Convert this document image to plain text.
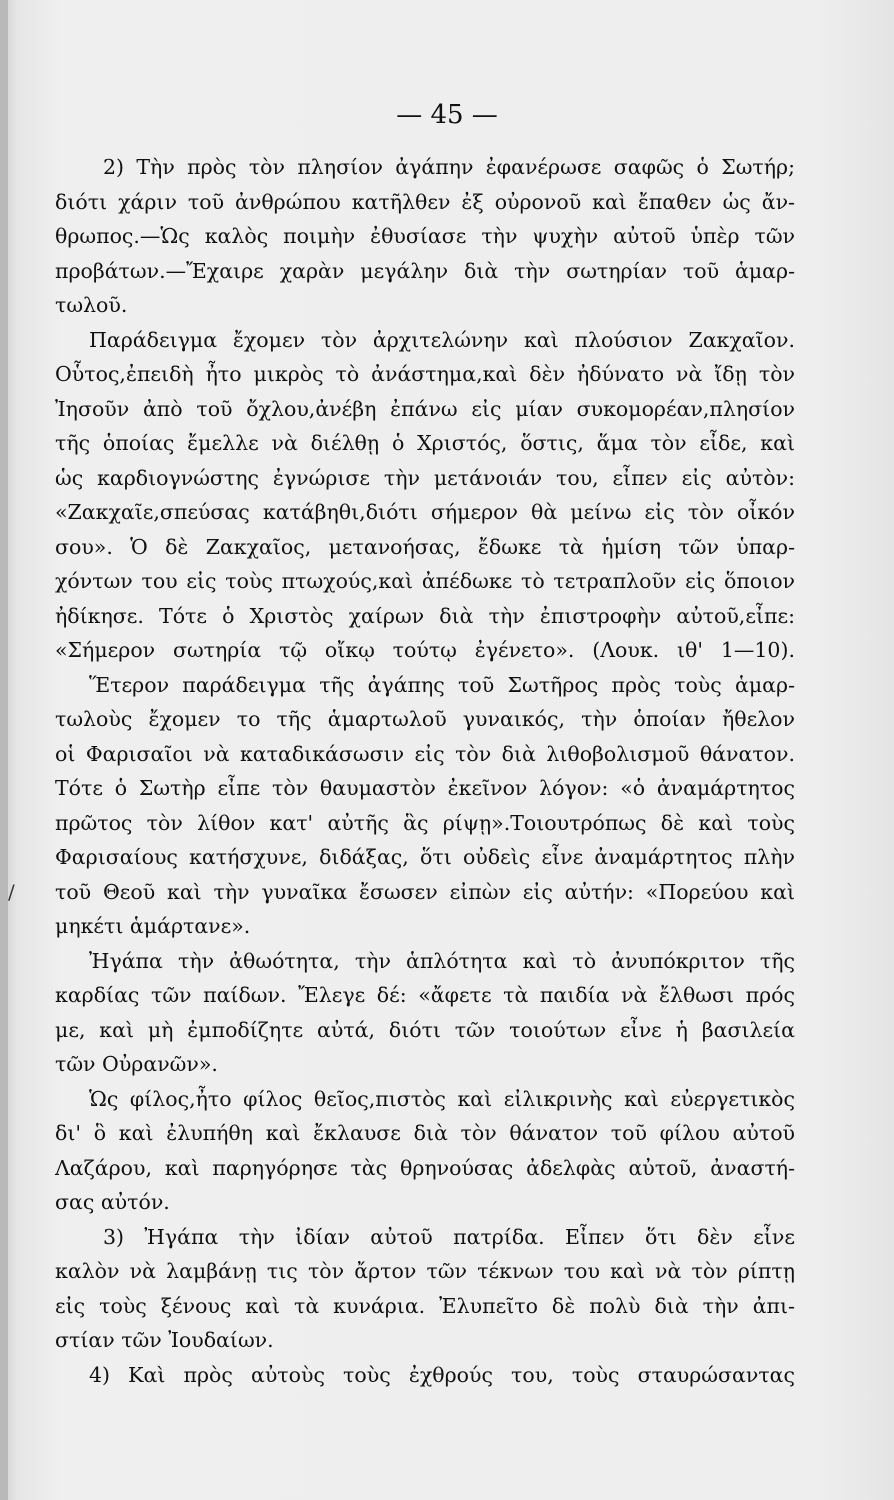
— 45 —
/
2) Τὴν πρὸς τὸν πλησίον ἀγάπην ἐφανέρωσε σαφῶς ὁ Σωτήρ;
διότι χάριν τοῦ ἀνθρώπου κατῆλθεν ἐξ οὐρονοῦ καὶ ἔπαθεν ὡς ἄν-
θρωπος.—Ὡς καλὸς ποιμὴν ἐθυσίασε τὴν ψυχὴν αὐτοῦ ὑπὲρ τῶν
προβάτων.—Ἔχαιρε χαρὰν μεγάλην διὰ τὴν σωτηρίαν τοῦ ἁμαρ-
τωλοῦ.
Παράδειγμα ἔχομεν τὸν ἀρχιτελώνην καὶ πλούσιον Ζακχαῖον.
Οὗτος,ἐπειδὴ ἦτο μικρὸς τὸ ἀνάστημα,καὶ δὲν ἠδύνατο νὰ ἴδῃ τὸν
Ἰησοῦν ἀπὸ τοῦ ὄχλου,ἀνέβη ἐπάνω εἰς μίαν συκομορέαν,πλησίον
τῆς ὁποίας ἔμελλε νὰ διέλθῃ ὁ Χριστός, ὅστις, ἅμα τὸν εἶδε, καὶ
ὡς καρδιογνώστης ἐγνώρισε τὴν μετάνοιάν του, εἶπεν εἰς αὐτὸν:
«Ζακχαῖε,σπεύσας κατάβηθι,διότι σήμερον θὰ μείνω εἰς τὸν οἶκόν
σου». Ὁ δὲ Ζακχαῖος, μετανοήσας, ἔδωκε τὰ ἡμίση τῶν ὑπαρ-
χόντων του εἰς τοὺς πτωχούς,καὶ ἀπέδωκε τὸ τετραπλοῦν εἰς ὅποιον
ἠδίκησε. Τότε ὁ Χριστὸς χαίρων διὰ τὴν ἐπιστροφὴν αὐτοῦ,εἶπε:
«Σήμερον σωτηρία τῷ οἴκῳ τούτῳ ἐγένετο». (Λουκ. ιθ' 1—10).
Ἕτερον παράδειγμα τῆς ἀγάπης τοῦ Σωτῆρος πρὸς τοὺς ἁμαρ-
τωλοὺς ἔχομεν το τῆς ἁμαρτωλοῦ γυναικός, τὴν ὁποίαν ἤθελον
οἱ Φαρισαῖοι νὰ καταδικάσωσιν εἰς τὸν διὰ λιθοβολισμοῦ θάνατον.
Τότε ὁ Σωτὴρ εἶπε τὸν θαυμαστὸν ἐκεῖνον λόγον: «ὁ ἀναμάρτητος
πρῶτος τὸν λίθον κατ' αὐτῆς ἃς ρίψῃ».Τοιουτρόπως δὲ καὶ τοὺς
Φαρισαίους κατήσχυνε, διδάξας, ὅτι οὐδεὶς εἶνε ἀναμάρτητος πλὴν
τοῦ Θεοῦ καὶ τὴν γυναῖκα ἔσωσεν εἰπὼν εἰς αὐτήν: «Πορεύου καὶ
μηκέτι ἁμάρτανε».
Ἠγάπα τὴν ἀθωότητα, τὴν ἁπλότητα καὶ τὸ ἀνυπόκριτον τῆς
καρδίας τῶν παίδων. Ἔλεγε δέ: «ἄφετε τὰ παιδία νὰ ἔλθωσι πρός
με, καὶ μὴ ἐμποδίζητε αὐτά, διότι τῶν τοιούτων εἶνε ἡ βασιλεία
τῶν Οὐρανῶν».
Ὡς φίλος,ἦτο φίλος θεῖος,πιστὸς καὶ εἰλικρινὴς καὶ εὐεργετικὸς
δι' ὃ καὶ ἐλυπήθη καὶ ἔκλαυσε διὰ τὸν θάνατον τοῦ φίλου αὐτοῦ
Λαζάρου, καὶ παρηγόρησε τὰς θρηνούσας ἀδελφὰς αὐτοῦ, ἀναστή-
σας αὐτόν.
3) Ἠγάπα τὴν ἰδίαν αὐτοῦ πατρίδα. Εἶπεν ὅτι δὲν εἶνε
καλὸν νὰ λαμβάνῃ τις τὸν ἄρτον τῶν τέκνων του καὶ νὰ τὸν ρίπτῃ
εἰς τοὺς ξένους καὶ τὰ κυνάρια. Ἐλυπεῖτο δὲ πολὺ διὰ τὴν ἀπι-
στίαν τῶν Ἰουδαίων.
4) Καὶ πρὸς αὐτοὺς τοὺς ἐχθρούς του, τοὺς σταυρώσαντας
